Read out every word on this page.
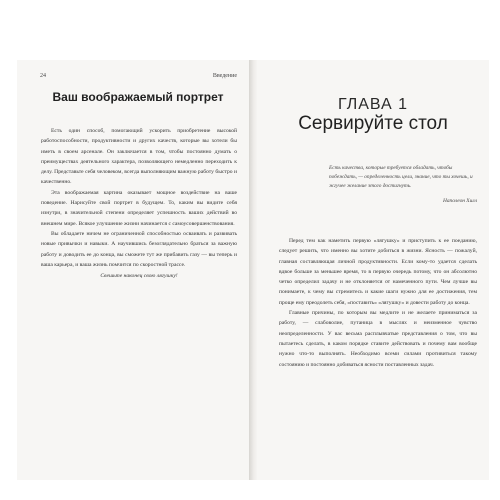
24	Введение
Ваш воображаемый портрет

Есть один способ, помогающий ускорить приобретение высокой работоспособности, продуктивности и других качеств, которые вы хотели бы иметь в своем арсенале. Он заключается в том, чтобы постоянно думать о преимуществах деятельного характера, позволяющего немедленно переходить к делу. Представьте себя человеком, всегда выполняющим важную работу быстро и качественно.

Эта воображаемая картина оказывает мощное воздействие на ваше поведение. Нарисуйте свой портрет в будущем. То, каким вы видите себя изнутри, в значительной степени определяет успешность ваших действий во внешнем мире. Всякое улучшение жизни начинается с самоусовершенствования.

Вы обладаете ничем не ограниченной способностью осваивать и развивать новые привычки и навыки. А научившись безоглядательно браться за важную работу и доводить ее до конца, вы сможете тут же прибавить газу — вы теперь и ваша карьера, и ваша жизнь помчится по скоростной трассе.

Свешьте наконец свою лягушку!

ГЛАВА 1
Сервируйте стол
Есть качества, которые требуется обладать, чтобы побеждать, — определенность цели, знание, что ты хочешь, и жгучее желание этого достигнуть.
Наполеон Хилл

Перед тем как наметить первую «лягушку» и приступить к ее поеданию, следует решить, что именно вы хотите добиться в жизни. Ясность — пожалуй, главная составляющая личной продуктивности. Если кому-то удается сделать вдвое больше за меньшее время, то в первую очередь потому, что он абсолютно четко определил задачу и не отклоняется от намеченного пути. Чем лучше вы понимаете, к чему вы стремитесь и какие шаги нужно для ее достижения, тем проще ему преодолеть себя, «поставить» «лягушку» и довести работу до конца.

Главные причины, по которым вы медлите и не желаете приниматься за работу, — слабоволие, путаница в мыслях и неизменное чувство неопределенности. У вас весьма расплывчатые представления о том, что вы пытаетесь сделать, в каком порядке ставите действовать и почему вам вообще нужно что-то выполнять. Необходимо всеми силами противиться такому состоянию и постоянно добиваться ясности поставленных задач.
